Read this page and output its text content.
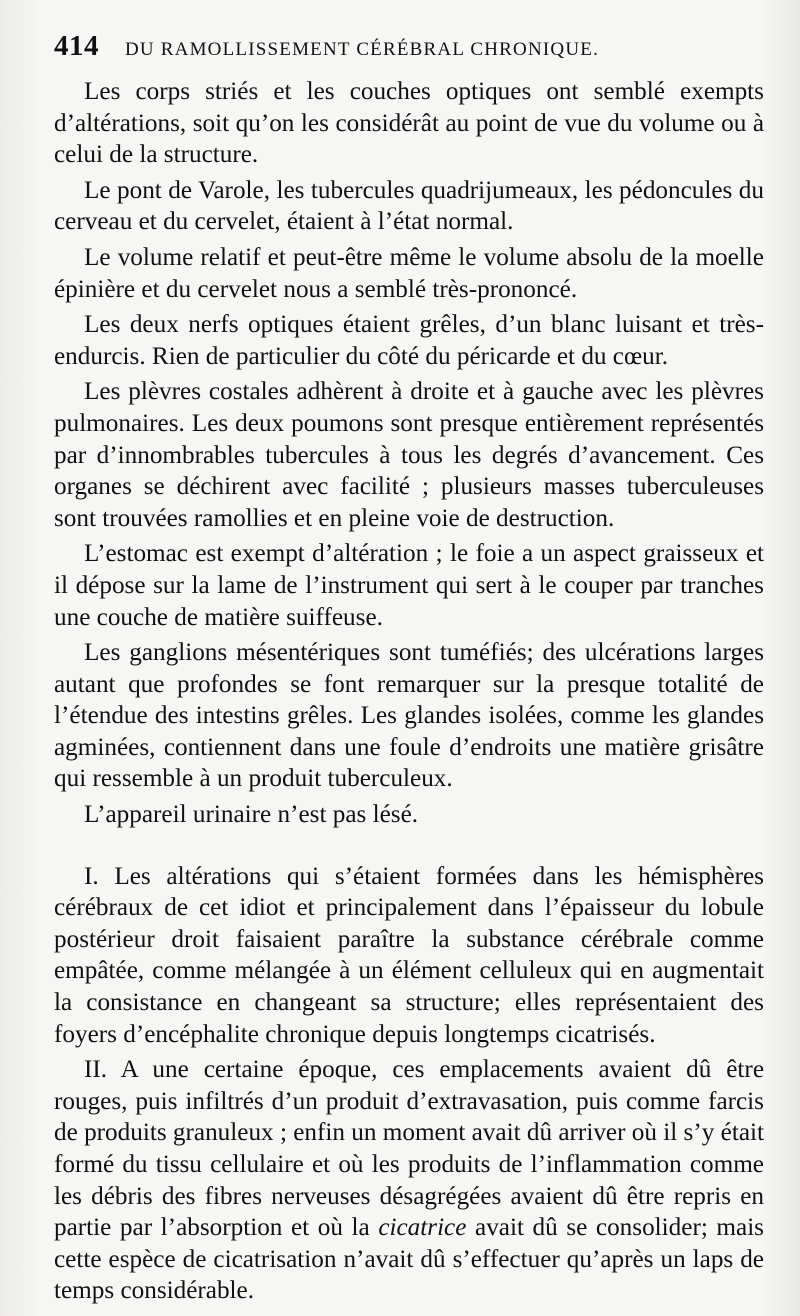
414 DU RAMOLLISSEMENT CÉRÉBRAL CHRONIQUE.

Les corps striés et les couches optiques ont semblé exempts d’altérations, soit qu’on les considérât au point de vue du volume ou à celui de la structure.

Le pont de Varole, les tubercules quadrijumeaux, les pédoncules du cerveau et du cervelet, étaient à l’état normal.

Le volume relatif et peut-être même le volume absolu de la moelle épinière et du cervelet nous a semblé très-prononcé.

Les deux nerfs optiques étaient grêles, d’un blanc luisant et très-endurcis. Rien de particulier du côté du péricarde et du cœur.

Les plèvres costales adhèrent à droite et à gauche avec les plèvres pulmonaires. Les deux poumons sont presque entièrement représentés par d’innombrables tubercules à tous les degrés d’avancement. Ces organes se déchirent avec facilité ; plusieurs masses tuberculeuses sont trouvées ramollies et en pleine voie de destruction.

L’estomac est exempt d’altération ; le foie a un aspect graisseux et il dépose sur la lame de l’instrument qui sert à le couper par tranches une couche de matière suiffeuse.

Les ganglions mésentériques sont tuméfiés; des ulcérations larges autant que profondes se font remarquer sur la presque totalité de l’étendue des intestins grêles. Les glandes isolées, comme les glandes agminées, contiennent dans une foule d’endroits une matière grisâtre qui ressemble à un produit tuberculeux.

L’appareil urinaire n’est pas lésé.

I. Les altérations qui s’étaient formées dans les hémisphères cérébraux de cet idiot et principalement dans l’épaisseur du lobule postérieur droit faisaient paraître la substance cérébrale comme empâtée, comme mélangée à un élément celluleux qui en augmentait la consistance en changeant sa structure; elles représentaient des foyers d’encéphalite chronique depuis longtemps cicatrisés.

II. A une certaine époque, ces emplacements avaient dû être rouges, puis infiltrés d’un produit d’extravasation, puis comme farcis de produits granuleux ; enfin un moment avait dû arriver où il s’y était formé du tissu cellulaire et où les produits de l’inflammation comme les débris des fibres nerveuses désagrégées avaient dû être repris en partie par l’absorption et où la cicatrice avait dû se consolider; mais cette espèce de cicatrisation n’avait dû s’effectuer qu’après un laps de temps considérable.
